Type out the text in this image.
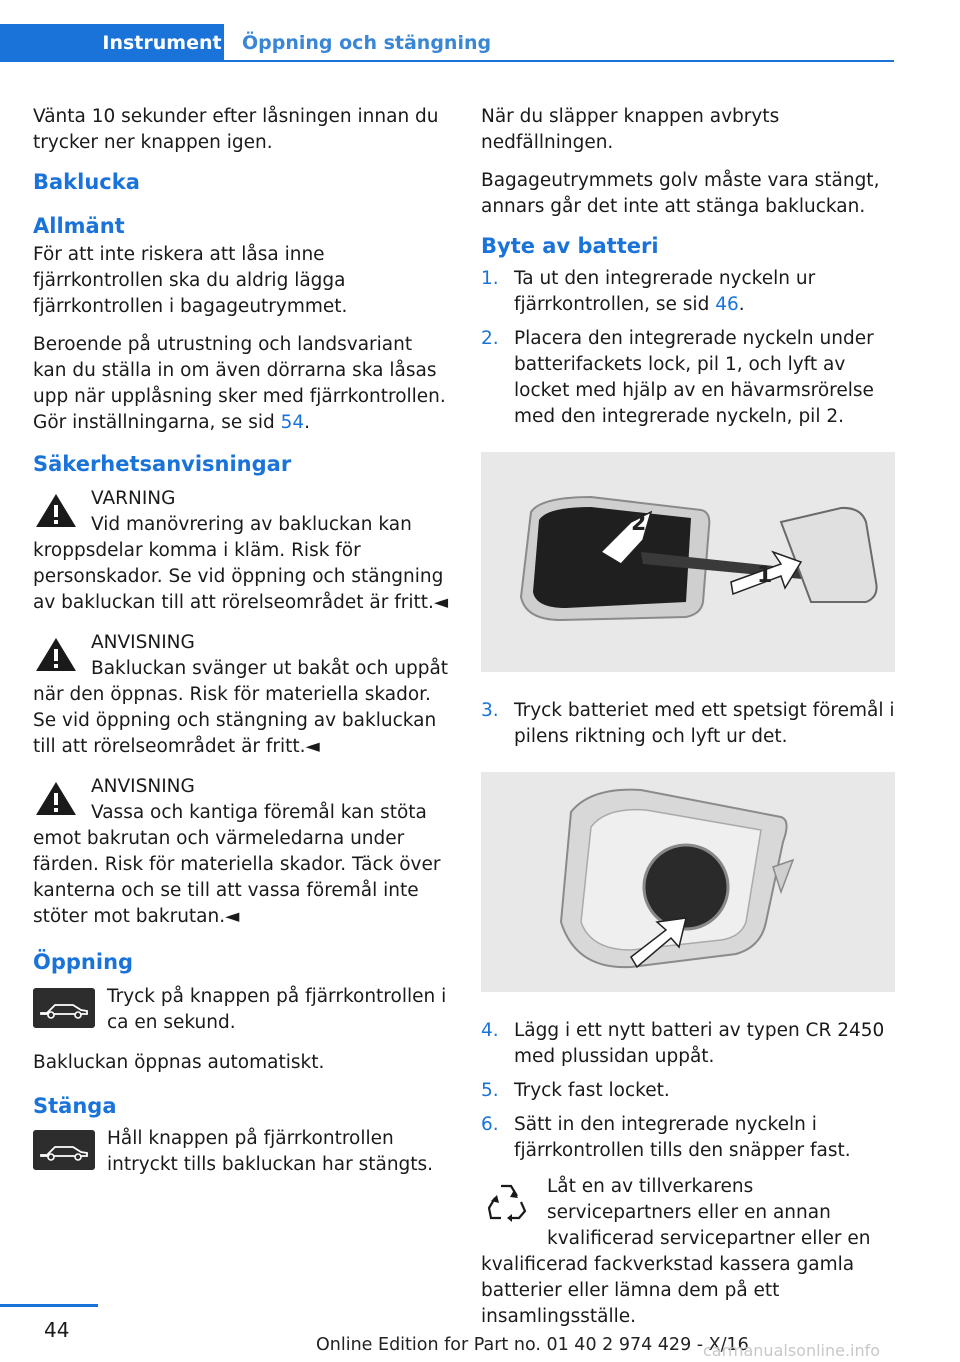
Instrument Öppning och stängning

Vänta 10 sekunder efter låsningen innan du trycker ner knappen igen.

Baklucka
Allmänt

För att inte riskera att låsa inne fjärrkontrollen ska du aldrig lägga fjärrkontrollen i bagageutrymmet.

Beroende på utrustning och landsvariant kan du ställa in om även dörrarna ska låsas upp när upplåsning sker med fjärrkontrollen. Gör inställningarna, se sid 54.

Säkerhetsanvisningar
VARNING
Vid manövrering av bakluckan kan kroppsdelar komma i kläm. Risk för personskador. Se vid öppning och stängning av bakluckan till att rörelseområdet är fritt.◄
ANVISNING
Bakluckan svänger ut bakåt och uppåt när den öppnas. Risk för materiella skador. Se vid öppning och stängning av bakluckan till att rörelseområdet är fritt.◄
ANVISNING
Vassa och kantiga föremål kan stöta emot bakrutan och värmeledarna under färden. Risk för materiella skador. Täck över kanterna och se till att vassa föremål inte stöter mot bakrutan.◄
Öppning
Tryck på knappen på fjärrkontrollen i ca en sekund.

Bakluckan öppnas automatiskt.

Stänga
Håll knappen på fjärrkontrollen intryckt tills bakluckan har stängts.

När du släpper knappen avbryts nedfällningen.

Bagageutrymmets golv måste vara stängt, annars går det inte att stänga bakluckan.

Byte av batteri
1. Ta ut den integrerade nyckeln ur fjärrkontrollen, se sid 46.
2. Placera den integrerade nyckeln under batterifackets lock, pil 1, och lyft av locket med hjälp av en hävarmsrörelse med den integrerade nyckeln, pil 2.
2
1
3. Tryck batteriet med ett spetsigt föremål i pilens riktning och lyft ur det.
4. Lägg i ett nytt batteri av typen CR 2450 med plussidan uppåt.
5. Tryck fast locket.
6. Sätt in den integrerade nyckeln i fjärrkontrollen tills den snäpper fast.
Låt en av tillverkarens servicepartners eller en annan kvalificerad servicepartner eller en kvalificerad fackverkstad kassera gamla batterier eller lämna dem på ett insamlingsställe.
44
Online Edition for Part no. 01 40 2 974 429 - X/16
carmanualsonline.info
